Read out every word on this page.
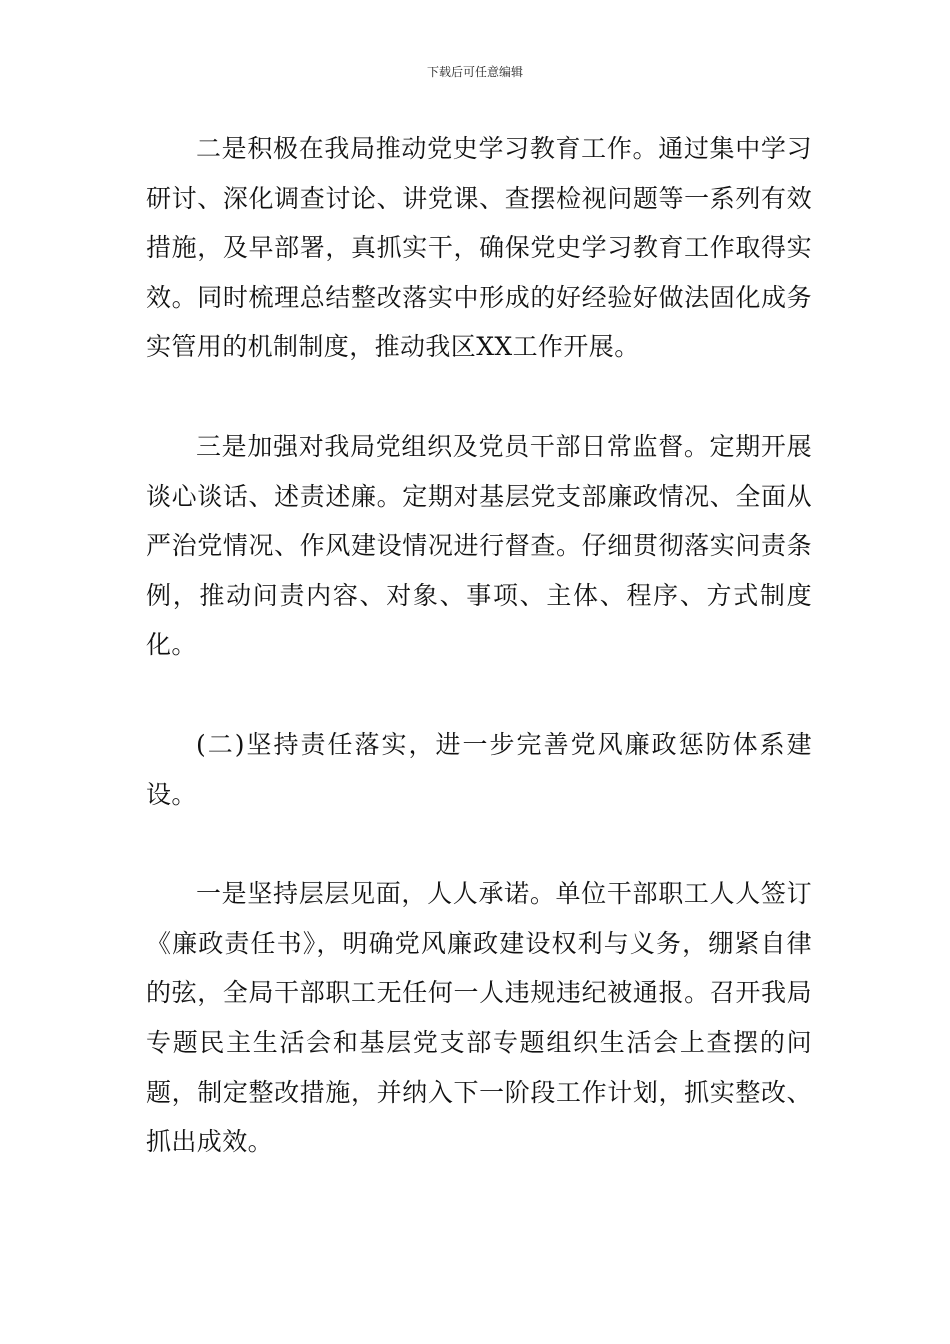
下载后可任意编辑

二是积极在我局推动党史学习教育工作。通过集中学习研讨、深化调查讨论、讲党课、查摆检视问题等一系列有效措施，及早部署，真抓实干，确保党史学习教育工作取得实效。同时梳理总结整改落实中形成的好经验好做法固化成务实管用的机制制度，推动我区XX工作开展。

三是加强对我局党组织及党员干部日常监督。定期开展谈心谈话、述责述廉。定期对基层党支部廉政情况、全面从严治党情况、作风建设情况进行督查。仔细贯彻落实问责条例，推动问责内容、对象、事项、主体、程序、方式制度化。

(二)坚持责任落实，进一步完善党风廉政惩防体系建设。

一是坚持层层见面，人人承诺。单位干部职工人人签订《廉政责任书》，明确党风廉政建设权利与义务，绷紧自律的弦，全局干部职工无任何一人违规违纪被通报。召开我局专题民主生活会和基层党支部专题组织生活会上查摆的问题，制定整改措施，并纳入下一阶段工作计划，抓实整改、抓出成效。
